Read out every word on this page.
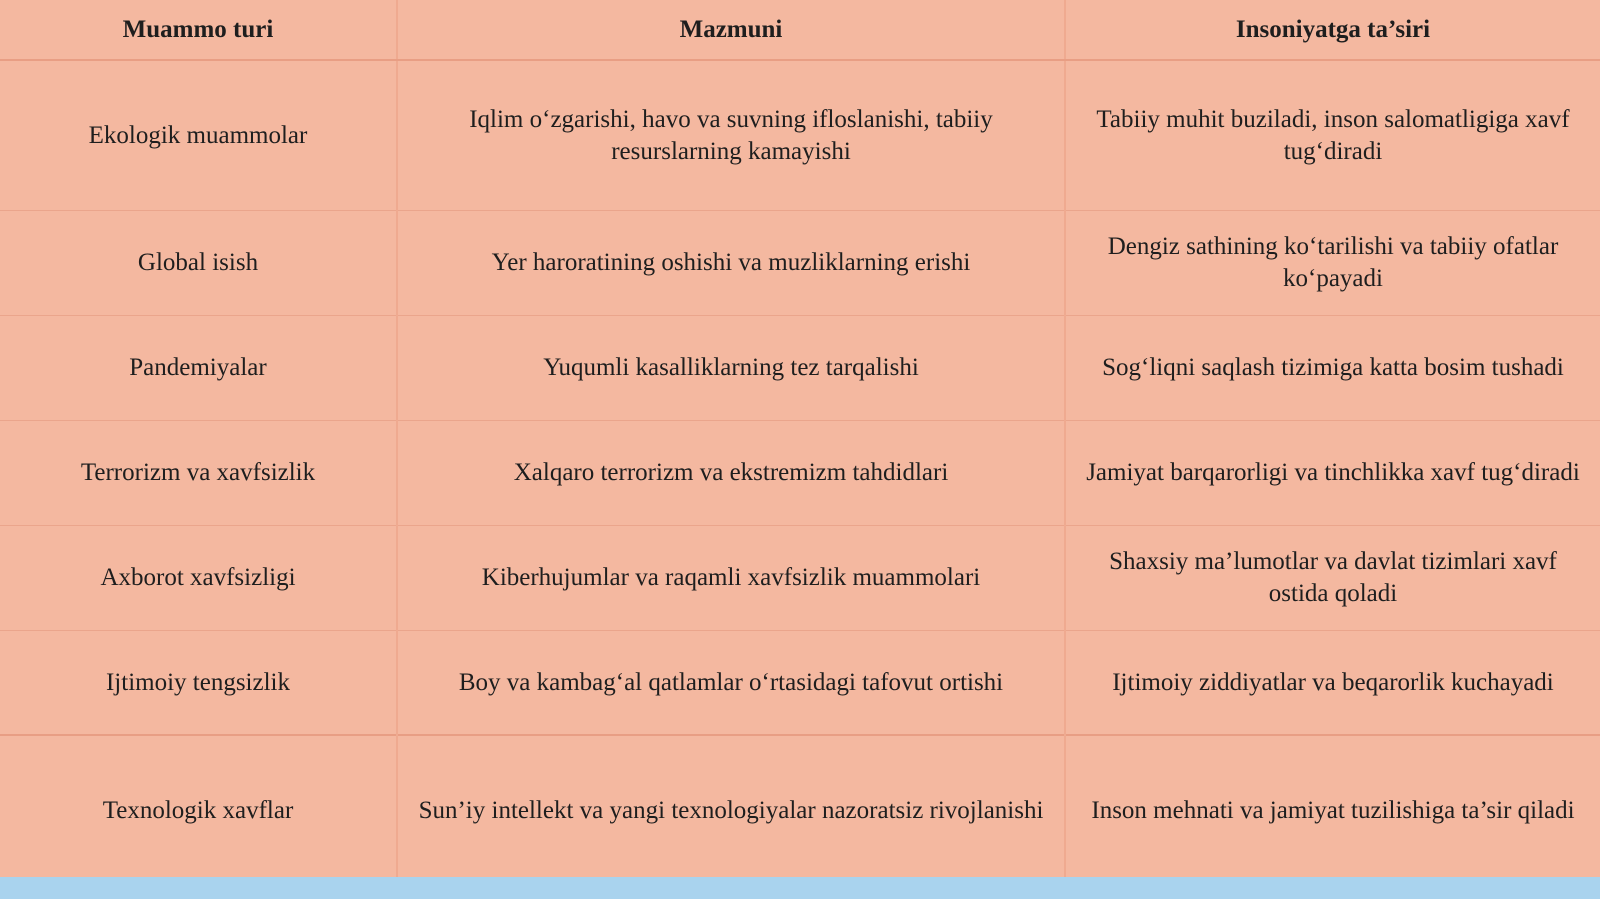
Muammo turi	Mazmuni	Insoniyatga ta’siri
Ekologik muammolar	Iqlim oʻzgarishi, havo va suvning ifloslanishi, tabiiy resurslarning kamayishi	Tabiiy muhit buziladi, inson salomatligiga xavf tugʻdiradi
Global isish	Yer haroratining oshishi va muzliklarning erishi	Dengiz sathining koʻtarilishi va tabiiy ofatlar koʻpayadi
Pandemiyalar	Yuqumli kasalliklarning tez tarqalishi	Sogʻliqni saqlash tizimiga katta bosim tushadi
Terrorizm va xavfsizlik	Xalqaro terrorizm va ekstremizm tahdidlari	Jamiyat barqarorligi va tinchlikka xavf tugʻdiradi
Axborot xavfsizligi	Kiberhujumlar va raqamli xavfsizlik muammolari	Shaxsiy ma’lumotlar va davlat tizimlari xavf ostida qoladi
Ijtimoiy tengsizlik	Boy va kambagʻal qatlamlar oʻrtasidagi tafovut ortishi	Ijtimoiy ziddiyatlar va beqarorlik kuchayadi
Texnologik xavflar	Sun’iy intellekt va yangi texnologiyalar nazoratsiz rivojlanishi	Inson mehnati va jamiyat tuzilishiga ta’sir qiladi
